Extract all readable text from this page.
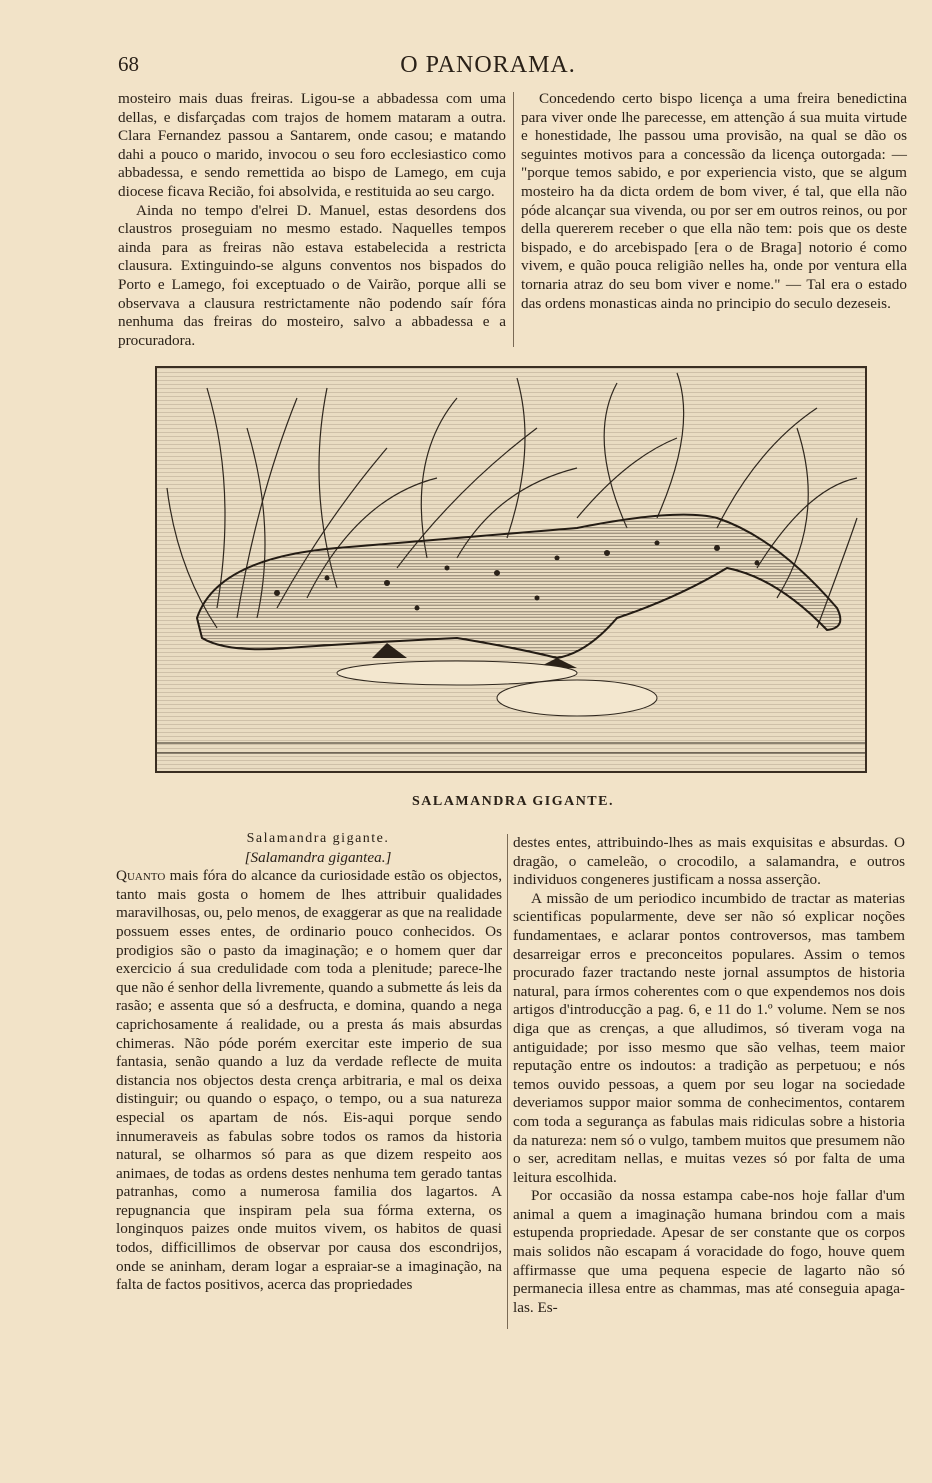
68	O PANORAMA.

mosteiro mais duas freiras. Ligou-se a abbadessa com uma dellas, e disfarçadas com trajos de homem mataram a outra. Clara Fernandez passou a Santarem, onde casou; e matando dahi a pouco o marido, invocou o seu foro ecclesiastico como abbadessa, e sendo remettida ao bispo de Lamego, em cuja diocese ficava Recião, foi absolvida, e restituida ao seu cargo.

Ainda no tempo d'elrei D. Manuel, estas desordens dos claustros proseguiam no mesmo estado. Naquelles tempos ainda para as freiras não estava estabelecida a restricta clausura. Extinguindo-se alguns conventos nos bispados do Porto e Lamego, foi exceptuado o de Vairão, porque alli se observava a clausura restrictamente não podendo saír fóra nenhuma das freiras do mosteiro, salvo a abbadessa e a procuradora.

Concedendo certo bispo licença a uma freira benedictina para viver onde lhe parecesse, em attenção á sua muita virtude e honestidade, lhe passou uma provisão, na qual se dão os seguintes motivos para a concessão da licença outorgada: — "porque temos sabido, e por experiencia visto, que se algum mosteiro ha da dicta ordem de bom viver, é tal, que ella não póde alcançar sua vivenda, ou por ser em outros reinos, ou por della quererem receber o que ella não tem: pois que os deste bispado, e do arcebispado [era o de Braga] notorio é como vivem, e quão pouca religião nelles ha, onde por ventura ella tornaria atraz do seu bom viver e nome." — Tal era o estado das ordens monasticas ainda no principio do seculo dezeseis.

SALAMANDRA GIGANTE.

Salamandra gigante.

[Salamandra gigantea.]

Quanto mais fóra do alcance da curiosidade estão os objectos, tanto mais gosta o homem de lhes attribuir qualidades maravilhosas, ou, pelo menos, de exaggerar as que na realidade possuem esses entes, de ordinario pouco conhecidos. Os prodigios são o pasto da imaginação; e o homem quer dar exercicio á sua credulidade com toda a plenitude; parece-lhe que não é senhor della livremente, quando a submette ás leis da rasão; e assenta que só a desfructa, e domina, quando a nega caprichosamente á realidade, ou a presta ás mais absurdas chimeras. Não póde porém exercitar este imperio de sua fantasia, senão quando a luz da verdade reflecte de muita distancia nos objectos desta crença arbitraria, e mal os deixa distinguir; ou quando o espaço, o tempo, ou a sua natureza especial os apartam de nós. Eis-aqui porque sendo innumeraveis as fabulas sobre todos os ramos da historia natural, se olharmos só para as que dizem respeito aos animaes, de todas as ordens destes nenhuma tem gerado tantas patranhas, como a numerosa familia dos lagartos. A repugnancia que inspiram pela sua fórma externa, os longinquos paizes onde muitos vivem, os habitos de quasi todos, difficillimos de observar por causa dos escondrijos, onde se aninham, deram logar a espraiar-se a imaginação, na falta de factos positivos, acerca das propriedades

destes entes, attribuindo-lhes as mais exquisitas e absurdas. O dragão, o cameleão, o crocodilo, a salamandra, e outros individuos congeneres justificam a nossa asserção.

A missão de um periodico incumbido de tractar as materias scientificas popularmente, deve ser não só explicar noções fundamentaes, e aclarar pontos controversos, mas tambem desarreigar erros e preconceitos populares. Assim o temos procurado fazer tractando neste jornal assumptos de historia natural, para írmos coherentes com o que expendemos nos dois artigos d'introducção a pag. 6, e 11 do 1.º volume. Nem se nos diga que as crenças, a que alludimos, só tiveram voga na antiguidade; por isso mesmo que são velhas, teem maior reputação entre os indoutos: a tradição as perpetuou; e nós temos ouvido pessoas, a quem por seu logar na sociedade deveriamos suppor maior somma de conhecimentos, contarem com toda a segurança as fabulas mais ridiculas sobre a historia da natureza: nem só o vulgo, tambem muitos que presumem não o ser, acreditam nellas, e muitas vezes só por falta de uma leitura escolhida.

Por occasião da nossa estampa cabe-nos hoje fallar d'um animal a quem a imaginação humana brindou com a mais estupenda propriedade. Apesar de ser constante que os corpos mais solidos não escapam á voracidade do fogo, houve quem affirmasse que uma pequena especie de lagarto não só permanecia illesa entre as chammas, mas até conseguia apaga-las. Es-
